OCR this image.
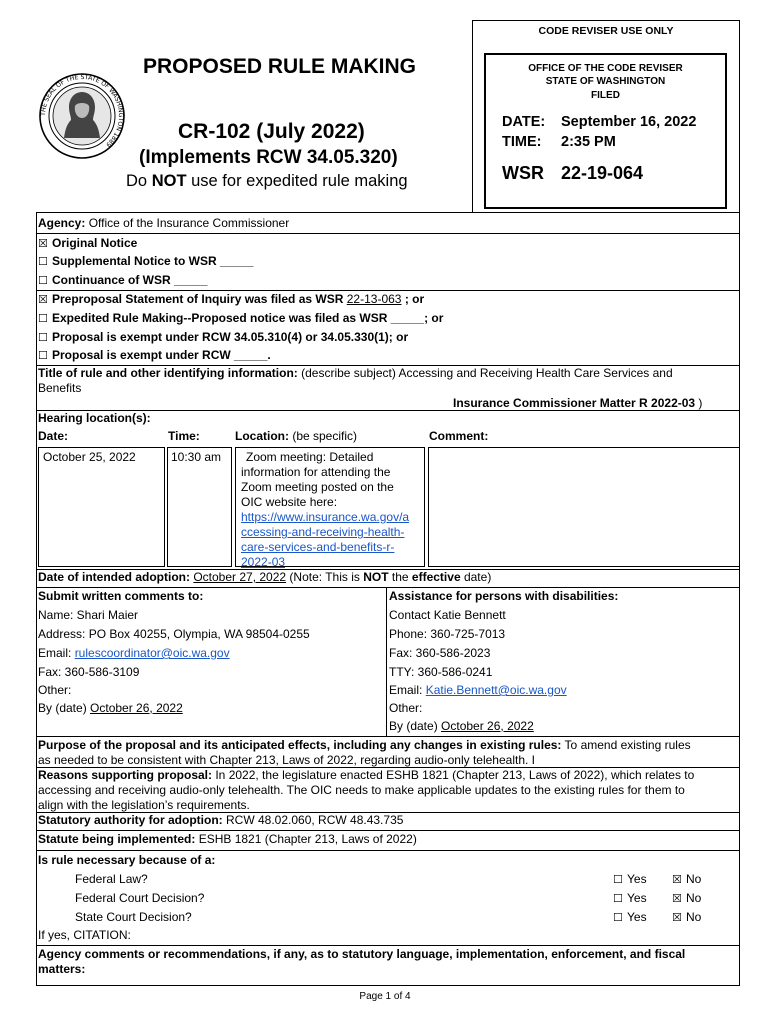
THE SEAL OF THE STATE OF WASHINGTON 1889
PROPOSED RULE MAKING
CR-102 (July 2022)
(Implements RCW 34.05.320)
Do NOT use for expedited rule making
CODE REVISER USE ONLY
OFFICE OF THE CODE REVISER
STATE OF WASHINGTON
FILED
DATE: September 16, 2022
TIME: 2:35 PM
WSR 22-19-064
Agency: Office of the Insurance Commissioner
☒ Original Notice
☐ Supplemental Notice to WSR _____
☐ Continuance of WSR _____
☒ Preproposal Statement of Inquiry was filed as WSR 22-13-063 ; or
☐ Expedited Rule Making--Proposed notice was filed as WSR _____; or
☐ Proposal is exempt under RCW 34.05.310(4) or 34.05.330(1); or
☐ Proposal is exempt under RCW _____.
Title of rule and other identifying information: (describe subject) Accessing and Receiving Health Care Services and
Benefits
Insurance Commissioner Matter R 2022-03 )
Hearing location(s):
Date:	Time:	Location: (be specific)	Comment:
October 25, 2022	10:30 am Zoom meeting: Detailed
information for attending the
Zoom meeting posted on the
OIC website here:
https://www.insurance.wa.gov/a
ccessing-and-receiving-health-
care-services-and-benefits-r-
2022-03
Date of intended adoption: October 27, 2022 (Note: This is NOT the effective date)
Submit written comments to:
Name: Shari Maier
Address: PO Box 40255, Olympia, WA 98504-0255
Email: rulescoordinator@oic.wa.gov
Fax: 360-586-3109
Other:
By (date) October 26, 2022
Assistance for persons with disabilities:
Contact Katie Bennett
Phone: 360-725-7013
Fax: 360-586-2023
TTY: 360-586-0241
Email: Katie.Bennett@oic.wa.gov
Other:
By (date) October 26, 2022
Purpose of the proposal and its anticipated effects, including any changes in existing rules: To amend existing rules
as needed to be consistent with Chapter 213, Laws of 2022, regarding audio-only telehealth. I
Reasons supporting proposal: In 2022, the legislature enacted ESHB 1821 (Chapter 213, Laws of 2022), which relates to
accessing and receiving audio-only telehealth. The OIC needs to make applicable updates to the existing rules for them to
align with the legislation’s requirements.
Statutory authority for adoption: RCW 48.02.060, RCW 48.43.735
Statute being implemented: ESHB 1821 (Chapter 213, Laws of 2022)
Is rule necessary because of a:
Federal Law?	☐ Yes ☒ No
Federal Court Decision?	☐ Yes ☒ No
State Court Decision?	☐ Yes ☒ No
If yes, CITATION:
Agency comments or recommendations, if any, as to statutory language, implementation, enforcement, and fiscal
matters:
Page 1 of 4
